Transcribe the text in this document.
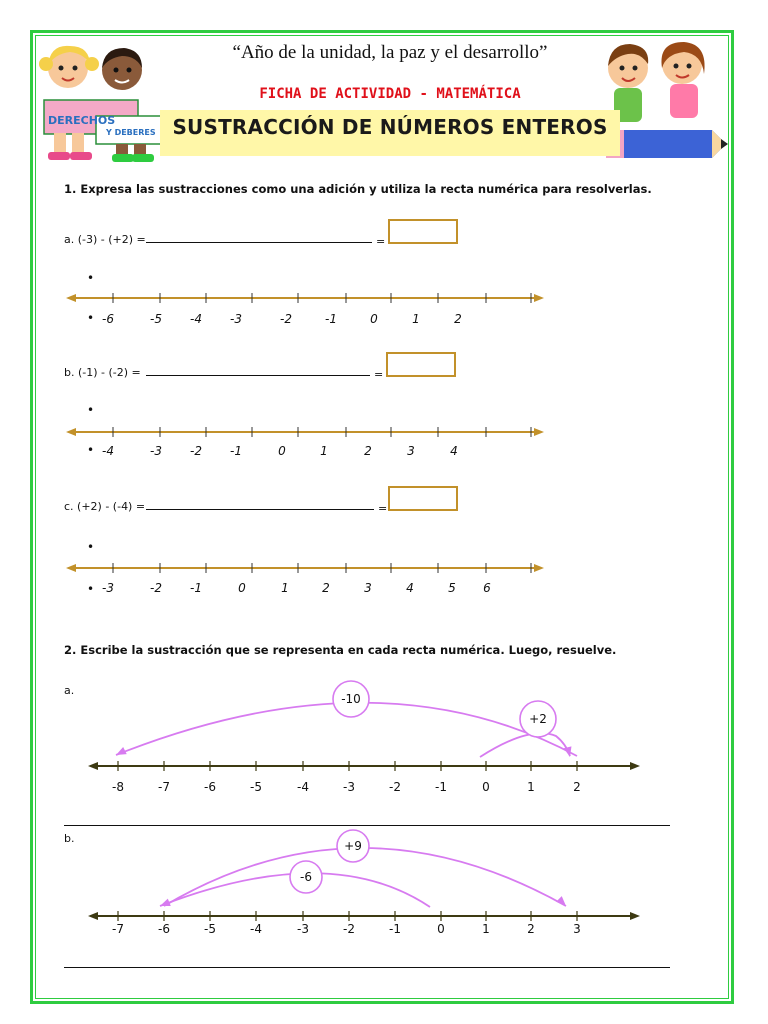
DERECHOS
Y DEBERES
“Año de la unidad, la paz y el desarrollo”
FICHA DE ACTIVIDAD - MATEMÁTICA
SUSTRACCIÓN DE NÚMEROS ENTEROS
1. Expresa las sustracciones como una adición y utiliza la recta numérica para resolverlas.
a. (-3) - (+2) =	=
•
• -6	-5 -4 -3	-2	-1	0	1	2
b. (-1) - (-2) =	=
•
• -4	-3 -2 -1	0	1	2	3	4
c. (+2) - (-4) =	=
•
• -3	-2 -1	0	1	2	3	4	5 6
2. Escribe la sustracción que se representa en cada recta numérica. Luego, resuelve.
a.
-10
+2
-8	-7	-6	-5	-4	-3	-2	-1	0	1	2
b.
+9
-6
-7	-6	-5	-4	-3	-2	-1	0	1	2	3
